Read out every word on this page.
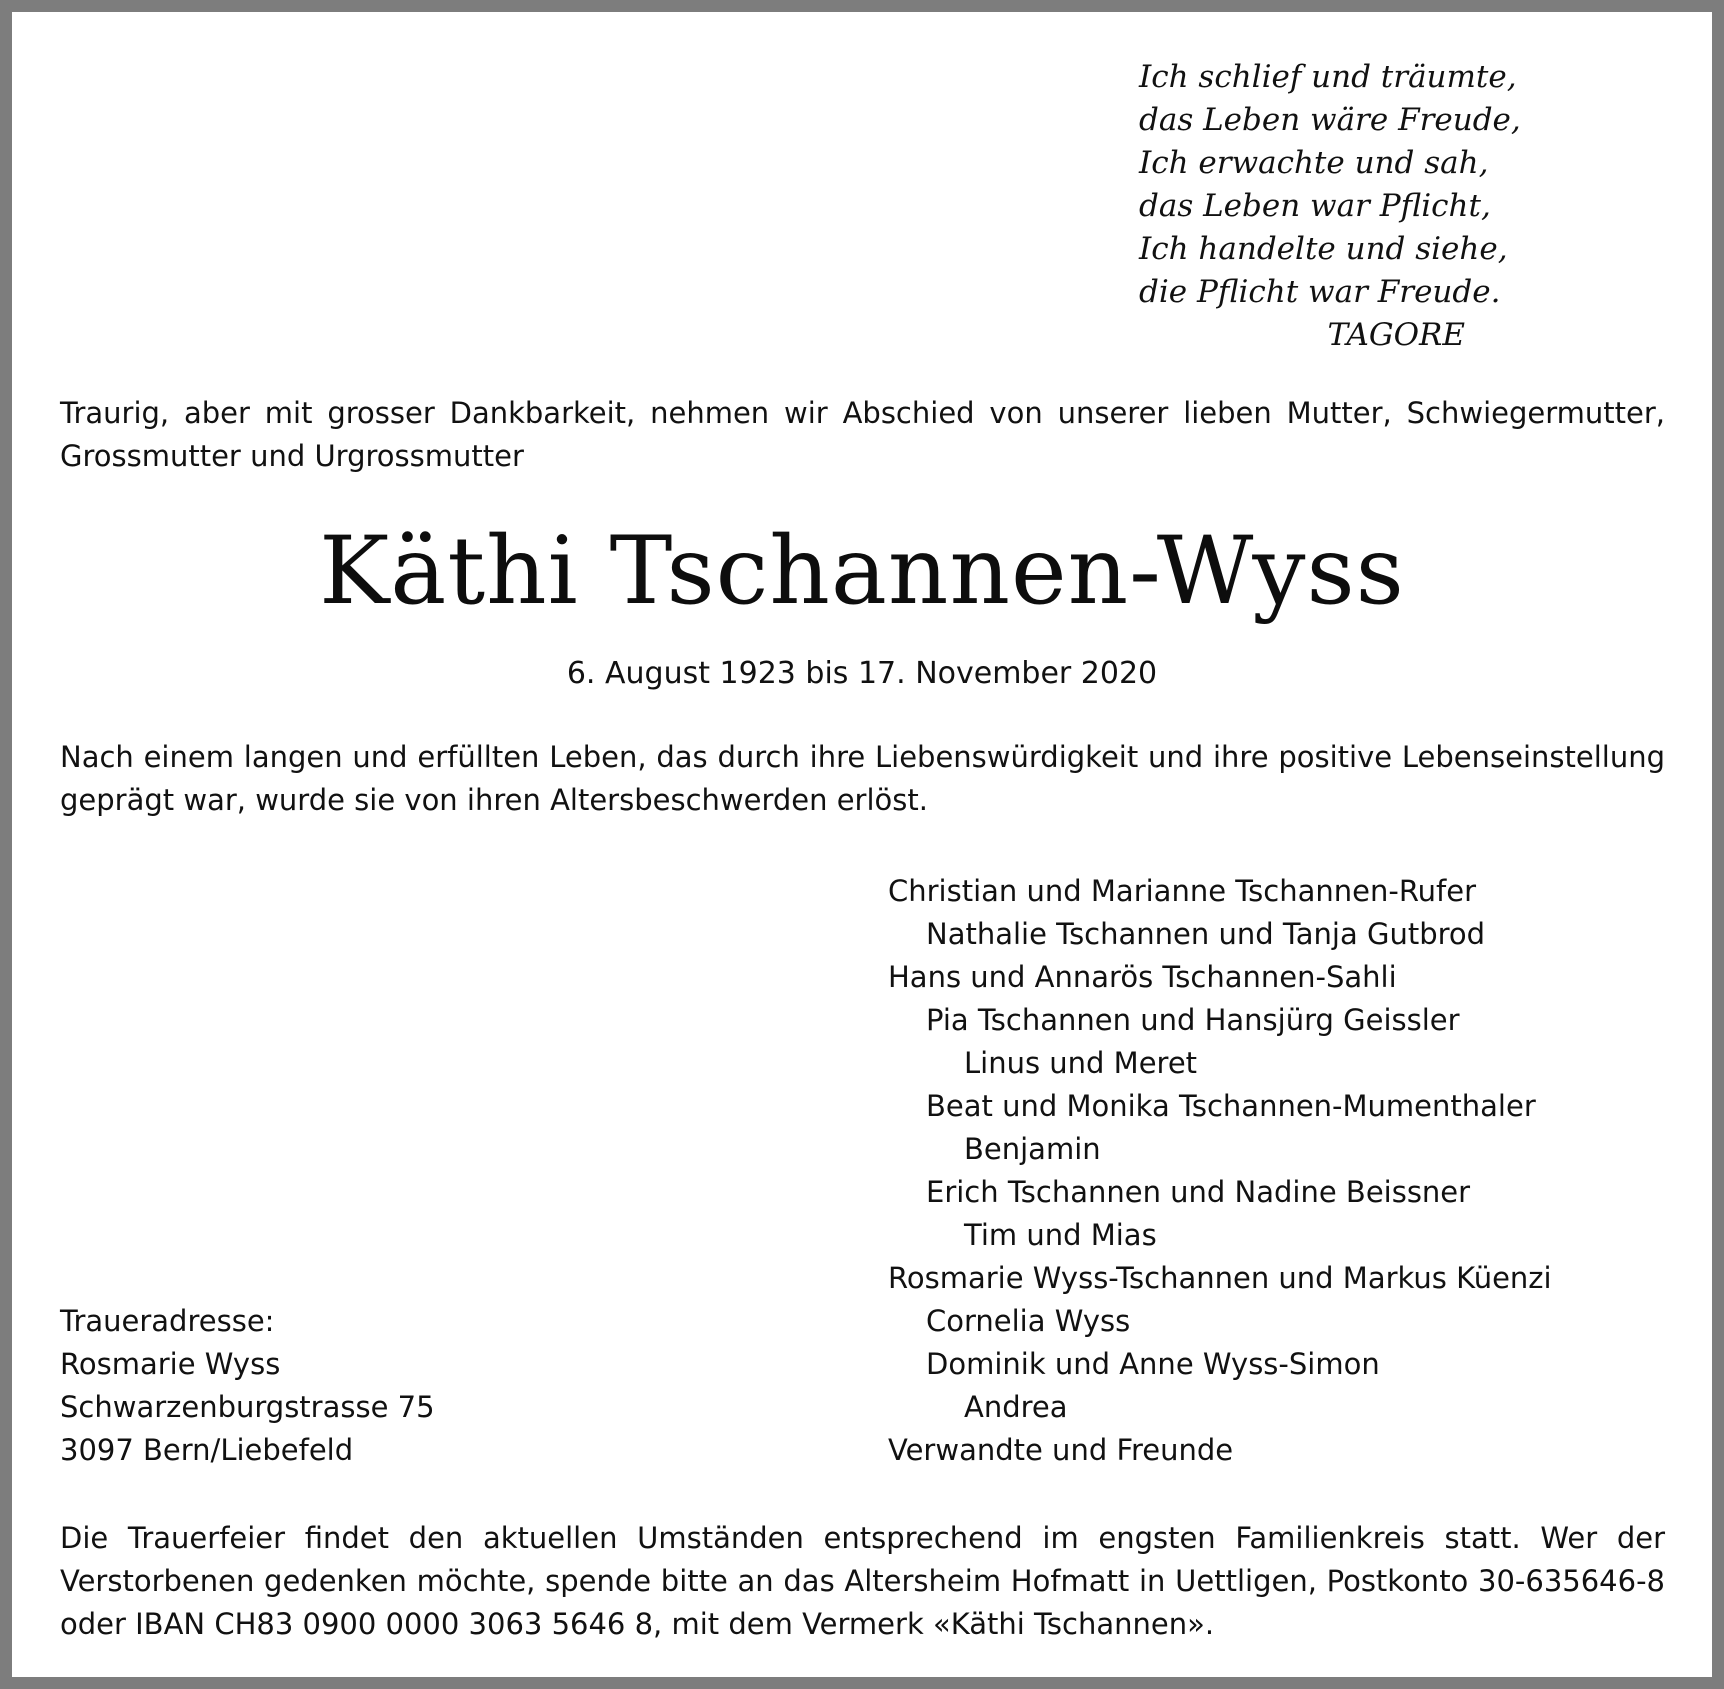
Ich schlief und träumte,
das Leben wäre Freude,
Ich erwachte und sah,
das Leben war Pflicht,
Ich handelte und siehe,
die Pflicht war Freude.
TAGORE
Traurig, aber mit grosser Dankbarkeit, nehmen wir Abschied von unserer lieben Mutter, Schwiegermutter, Grossmutter und Urgrossmutter
Käthi Tschannen-Wyss
6. August 1923 bis 17. November 2020
Nach einem langen und erfüllten Leben, das durch ihre Liebenswürdigkeit und ihre positive Lebenseinstellung geprägt war, wurde sie von ihren Altersbeschwerden erlöst.
Christian und Marianne Tschannen-Rufer
Nathalie Tschannen und Tanja Gutbrod
Hans und Annarös Tschannen-Sahli
Pia Tschannen und Hansjürg Geissler
Linus und Meret
Beat und Monika Tschannen-Mumenthaler
Benjamin
Erich Tschannen und Nadine Beissner
Tim und Mias
Rosmarie Wyss-Tschannen und Markus Küenzi
Cornelia Wyss
Dominik und Anne Wyss-Simon
Andrea
Verwandte und Freunde
Traueradresse:
Rosmarie Wyss
Schwarzenburgstrasse 75
3097 Bern/Liebefeld
Die Trauerfeier findet den aktuellen Umständen entsprechend im engsten Familienkreis statt. Wer der Verstorbenen gedenken möchte, spende bitte an das Altersheim Hofmatt in Uettligen, Postkonto 30-635646-8 oder IBAN CH83 0900 0000 3063 5646 8, mit dem Vermerk «Käthi Tschannen».
